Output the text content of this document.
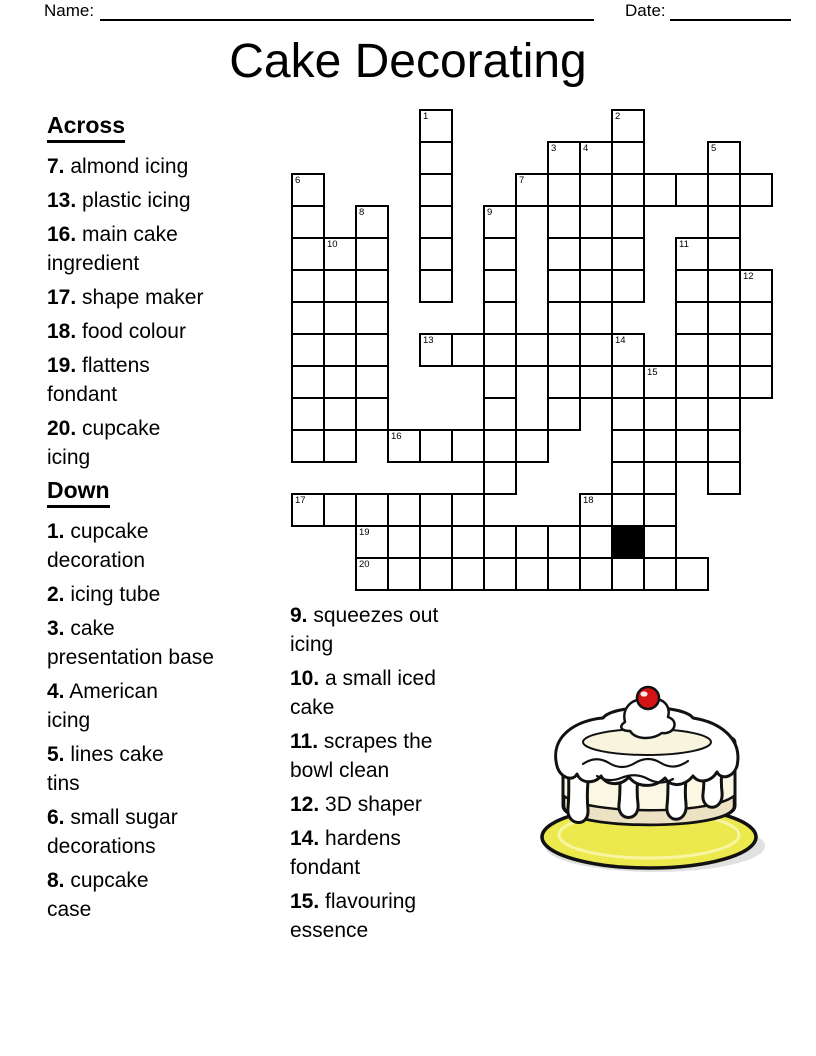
Name:	Date:
Cake Decorating
Across
7. almond icing
13. plastic icing
16. main cake
ingredient
17. shape maker
18. food colour
19. flattens
fondant
20. cupcake
icing
Down
1. cupcake
decoration
2. icing tube
3. cake
presentation base
4. American
icing
5. lines cake
tins
6. small sugar
decorations
8. cupcake
case
9. squeezes out
icing
10. a small iced
cake
11. scrapes the
bowl clean
12. 3D shaper
14. hardens
fondant
15. flavouring
essence
1	2
3	4	5
6	7
8	9
10	11
12
13	14
15
16
17	18
19
20
